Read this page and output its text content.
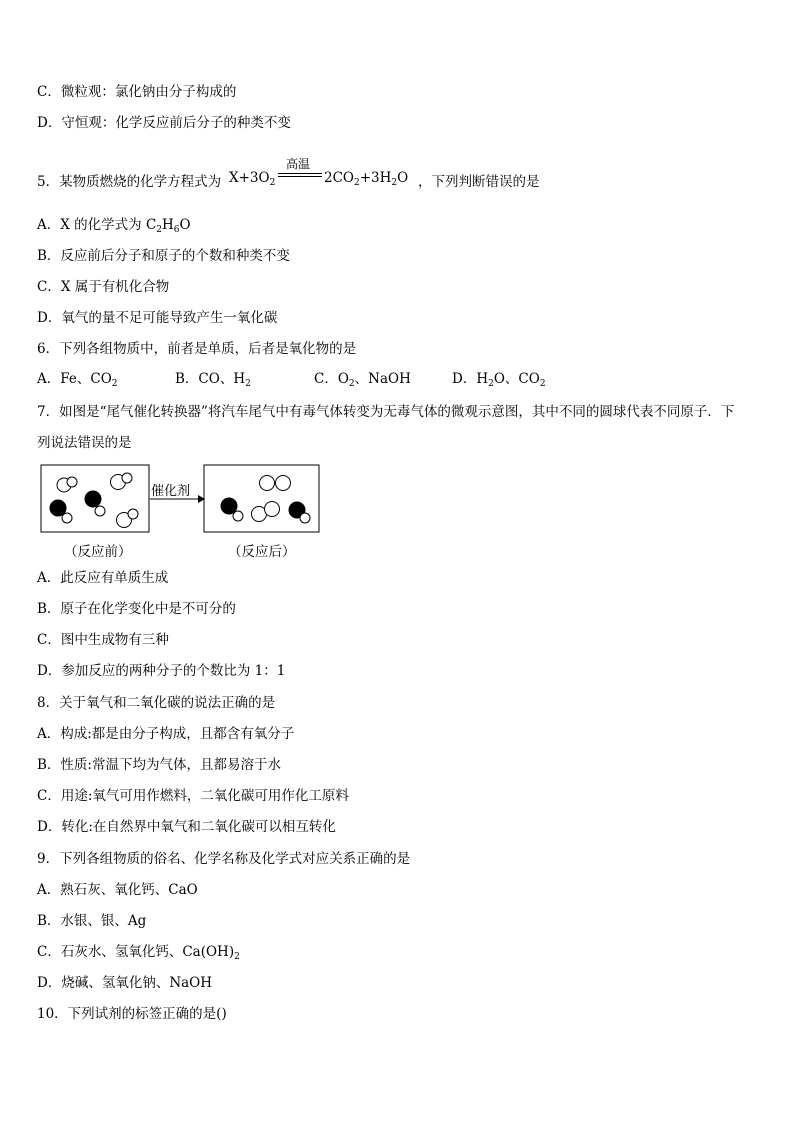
C．微粒观：氯化钠由分子构成的
D．守恒观：化学反应前后分子的种类不变
5．某物质燃烧的化学方程式为 $X+3O_2$	$2CO_2+3H_2O$ ，下列判断错误的是
高温
A．X 的化学式为 $C_2H_6O$
B．反应前后分子和原子的个数和种类不变
C．X 属于有机化合物
D．氧气的量不足可能导致产生一氧化碳
6．下列各组物质中，前者是单质，后者是氧化物的是
A．Fe、$CO_2$	B．CO、$H_2$	C．$O_2$、NaOH	D．$H_2O$、$CO_2$
7．如图是“尾气催化转换器”将汽车尾气中有毒气体转变为无毒气体的微观示意图，其中不同的圆球代表不同原子．下
列说法错误的是
催化剂
（反应前）	（反应后）
A．此反应有单质生成
B．原子在化学变化中是不可分的
C．图中生成物有三种
D．参加反应的两种分子的个数比为 1：1
8．关于氧气和二氧化碳的说法正确的是
A．构成:都是由分子构成，且都含有氧分子
B．性质:常温下均为气体，且都易溶于水
C．用途:氧气可用作燃料，二氧化碳可用作化工原料
D．转化:在自然界中氧气和二氧化碳可以相互转化
9．下列各组物质的俗名、化学名称及化学式对应关系正确的是
A．熟石灰、氧化钙、CaO
B．水银、银、Ag
C．石灰水、氢氧化钙、$Ca(OH)_2$
D．烧碱、氢氧化钠、NaOH
10．下列试剂的标签正确的是()
